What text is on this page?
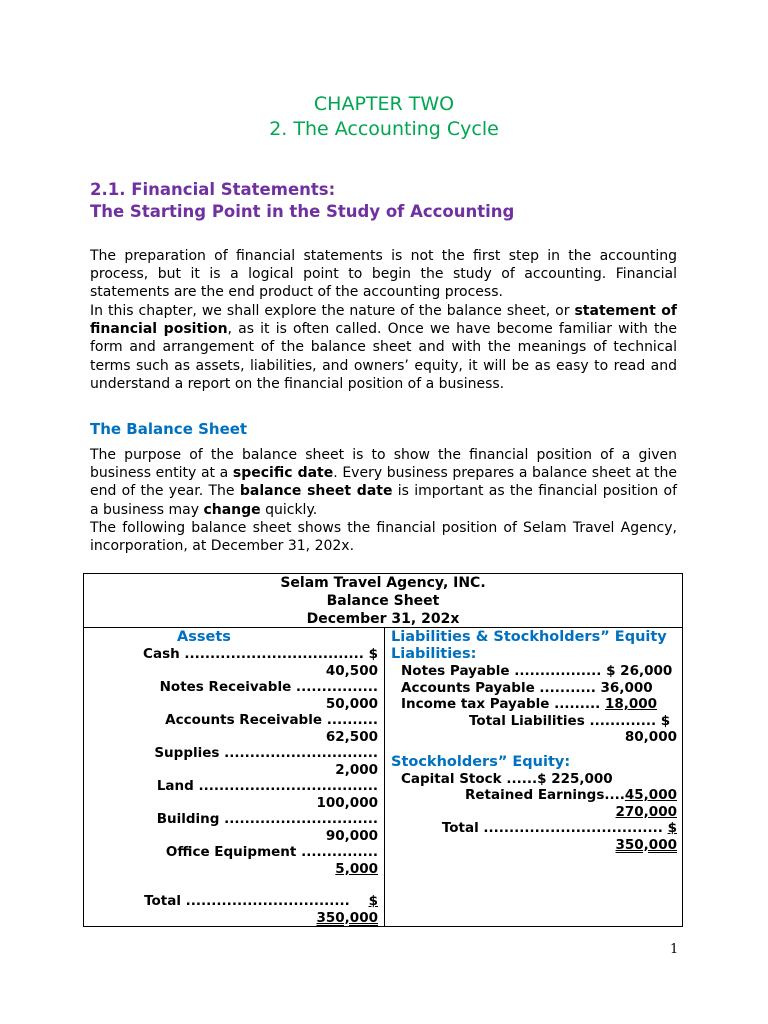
CHAPTER TWO
2. The Accounting Cycle
2.1. Financial Statements:
The Starting Point in the Study of Accounting

The preparation of financial statements is not the first step in the accounting process, but it is a logical point to begin the study of accounting. Financial statements are the end product of the accounting process.

In this chapter, we shall explore the nature of the balance sheet, or statement of financial position, as it is often called. Once we have become familiar with the form and arrangement of the balance sheet and with the meanings of technical terms such as assets, liabilities, and owners’ equity, it will be as easy to read and understand a report on the financial position of a business.

The Balance Sheet

The purpose of the balance sheet is to show the financial position of a given business entity at a specific date. Every business prepares a balance sheet at the end of the year. The balance sheet date is important as the financial position of a business may change quickly.

The following balance sheet shows the financial position of Selam Travel Agency, incorporation, at December 31, 202x.

Selam Travel Agency, INC.
Balance Sheet
December 31, 202x
Assets
Cash ................................... $
40,500
Notes Receivable ................
50,000
Accounts Receivable ..........
62,500
Supplies ..............................
2,000
Land ...................................
100,000
Building ..............................
90,000
Office Equipment ...............
5,000
Total ................................ $
350,000
Liabilities & Stockholders” Equity
Liabilities:
Notes Payable ................. $ 26,000
Accounts Payable ........... 36,000
Income tax Payable ......... 18,000
Total Liabilities ............. $
80,000
Stockholders” Equity:
Capital Stock ......$ 225,000
Retained Earnings....45,000
270,000
Total ................................... $
350,000
1
